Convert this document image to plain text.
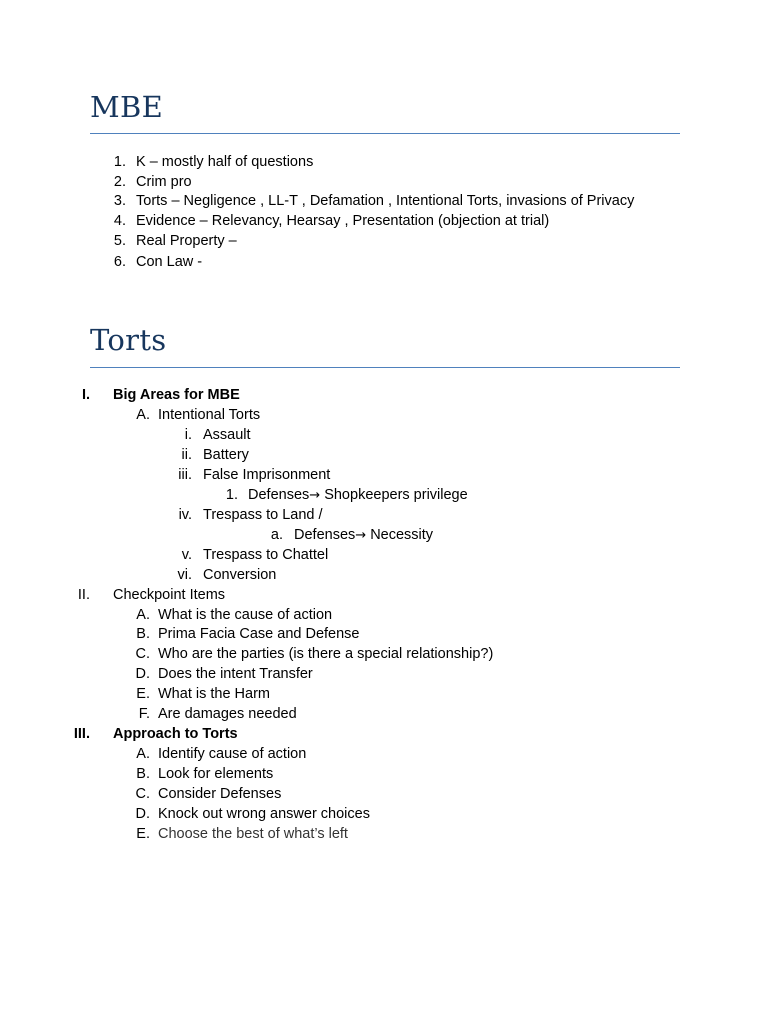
MBE
1. K – mostly half of questions
2. Crim pro
3. Torts – Negligence , LL-T , Defamation , Intentional Torts, invasions of Privacy
4. Evidence – Relevancy, Hearsay , Presentation (objection at trial)
5. Real Property –
6. Con Law -
Torts
I. Big Areas for MBE
A. Intentional Torts
i. Assault
ii. Battery
iii. False Imprisonment
1. Defenses→ Shopkeepers privilege
iv. Trespass to Land /
a. Defenses→ Necessity
v. Trespass to Chattel
vi. Conversion
II. Checkpoint Items
A. What is the cause of action
B. Prima Facia Case and Defense
C. Who are the parties (is there a special relationship?)
D. Does the intent Transfer
E. What is the Harm
F. Are damages needed
III. Approach to Torts
A. Identify cause of action
B. Look for elements
C. Consider Defenses
D. Knock out wrong answer choices
E. Choose the best of what’s left
